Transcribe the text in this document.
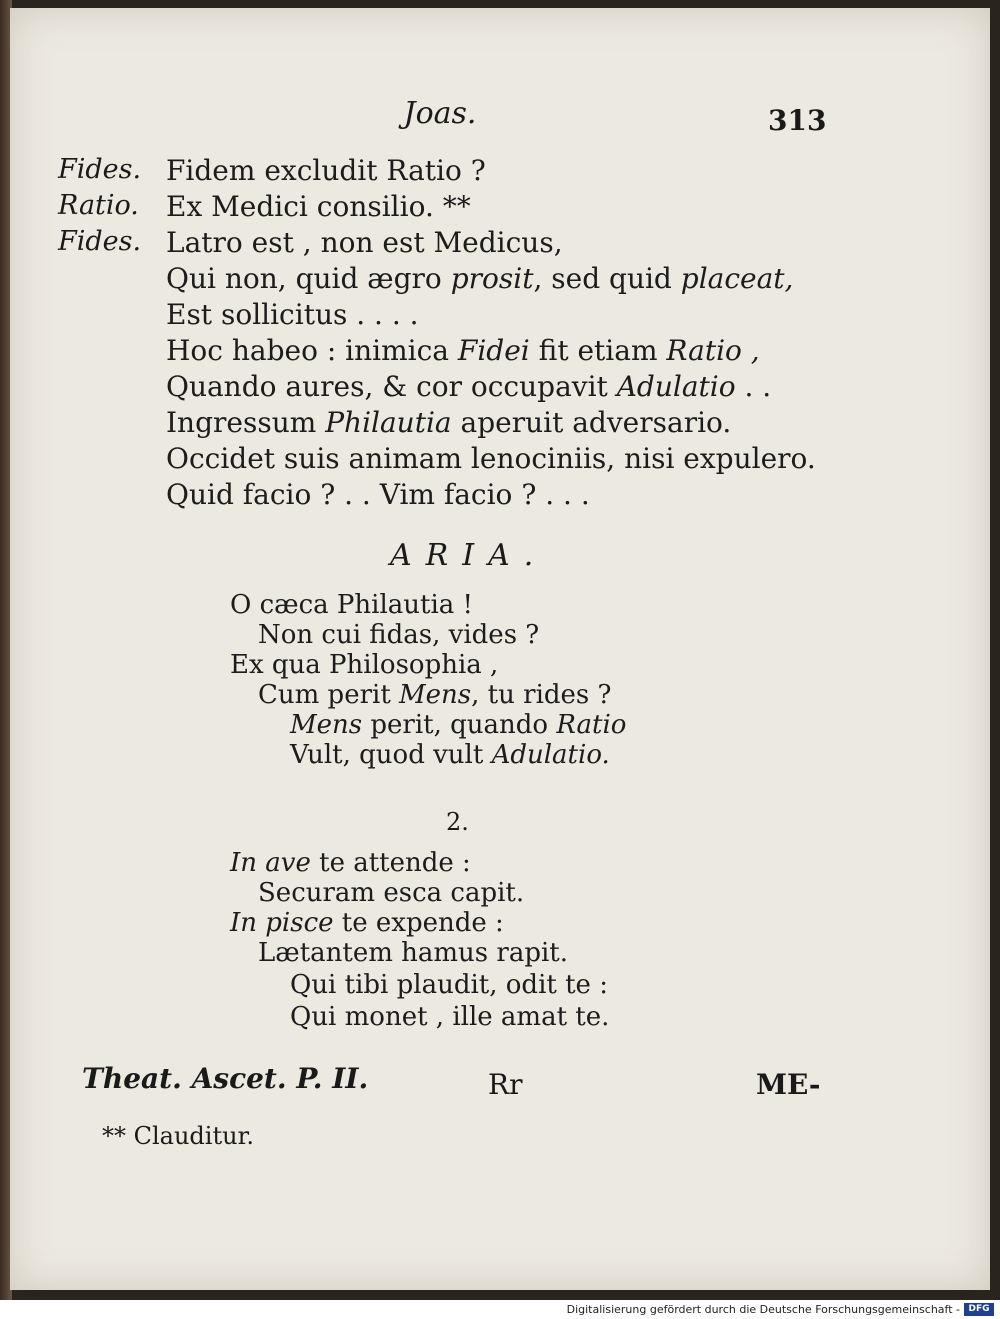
Joas.	313
Fides. Fidem excludit Ratio ?
Ratio. Ex Medici consilio. **
Fides. Latro est , non est Medicus,
Qui non, quid ægro prosit, sed quid placeat,
Est sollicitus . . . .
Hoc habeo : inimica Fidei fit etiam Ratio ,
Quando aures, & cor occupavit Adulatio . .
Ingressum Philautia aperuit adversario.
Occidet suis animam lenociniis, nisi expulero.
Quid facio ? . . Vim facio ? . . .
ARIA.
O cæca Philautia !
Non cui fidas, vides ?
Ex qua Philosophia ,
Cum perit Mens, tu rides ?
Mens perit, quando Ratio
Vult, quod vult Adulatio.
2.
In ave te attende :
Securam esca capit.
In pisce te expende :
Lætantem hamus rapit.
Qui tibi plaudit, odit te :
Qui monet , ille amat te.
Theat. Ascet. P. II.	Rr	ME-
** Clauditur.
Digitalisierung gefördert durch die Deutsche Forschungsgemeinschaft - DFG
